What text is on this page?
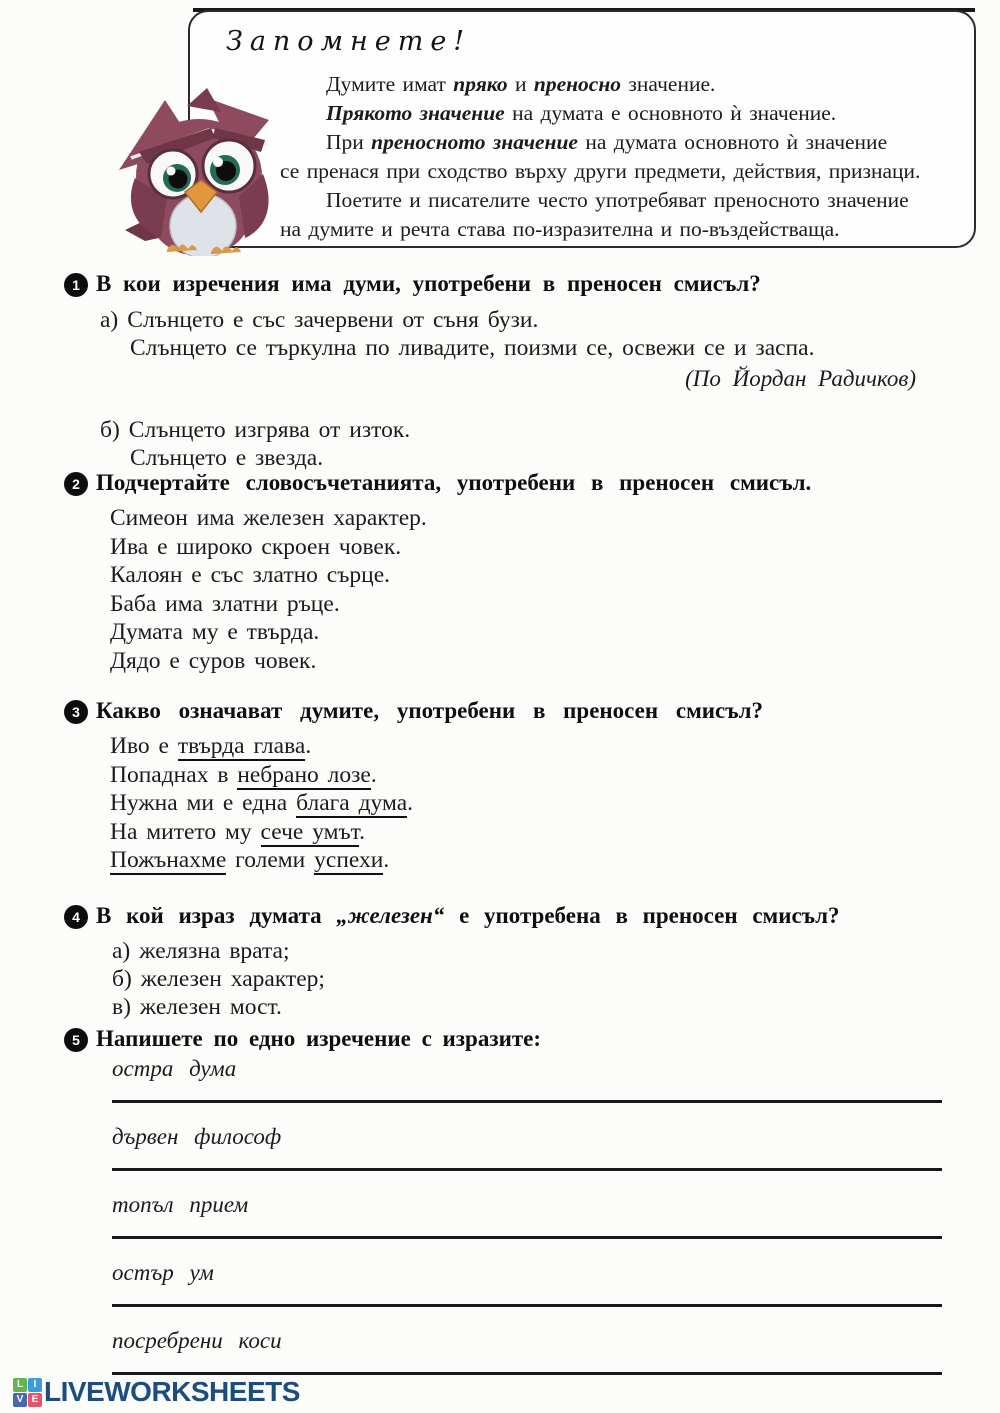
Запомнете!
Думите имат пряко и преносно значение.
Прякото значение на думата е основното ѝ значение.
При преносното значение на думата основното ѝ значение
се пренася при сходство върху други предмети, действия, признаци.
Поетите и писателите често употребяват преносното значение
на думите и речта става по-изразителна и по-въздействаща.
1 В кои изречения има думи, употребени в преносен смисъл?

а) Слънцето е със зачервени от съня бузи.

Слънцето се търкулна по ливадите, поизми се, освежи се и заспа.

(По Йордан Радичков)

б) Слънцето изгрява от изток.

Слънцето е звезда.

2 Подчертайте словосъчетанията, употребени в преносен смисъл.

Симеон има железен характер.

Ива е широко скроен човек.

Калоян е със златно сърце.

Баба има златни ръце.

Думата му е твърда.

Дядо е суров човек.

3 Какво означават думите, употребени в преносен смисъл?

Иво е твърда глава.

Попаднах в небрано лозе.

Нужна ми е една блага дума.

На митето му сече умът.

Пожънахме големи успехи.

4 В кой израз думата „железен“ е употребена в преносен смисъл?

а) желязна врата;

б) железен характер;

в) железен мост.

5 Напишете по едно изречение с изразите:

остра дума

дървен философ

топъл прием

остър ум

посребрени коси

L	I
V E LIVEWORKSHEETS
